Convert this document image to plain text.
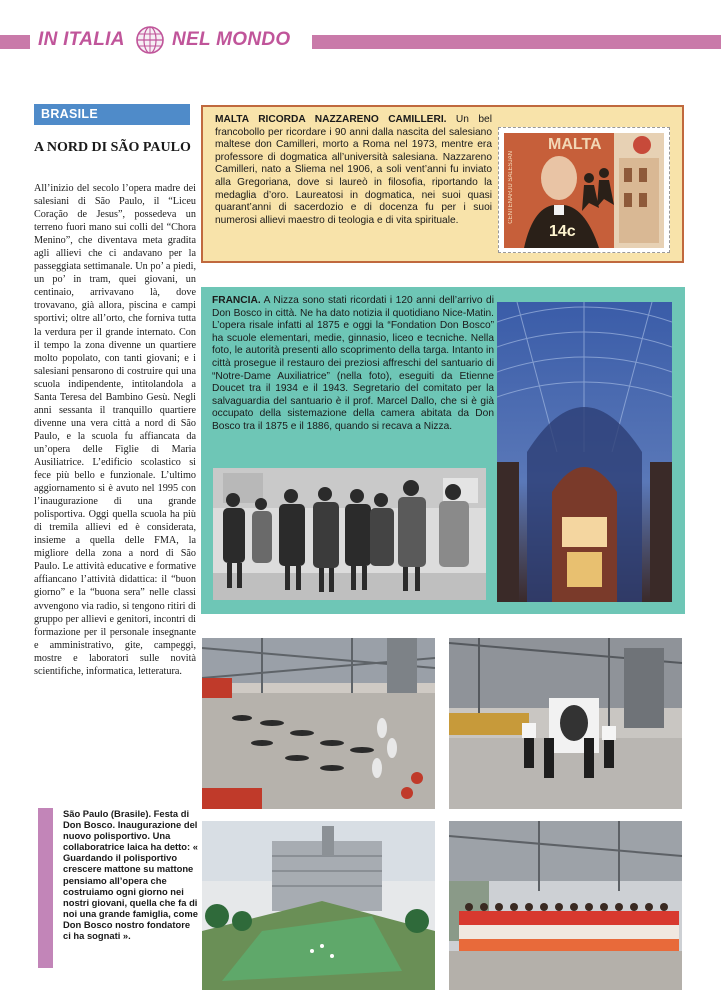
IN ITALIA NEL MONDO
BRASILE
A NORD DI SÃO PAULO
All’inizio del secolo l’opera madre dei salesiani di São Paulo, il “Liceu Coração de Jesus”, possedeva un terreno fuori mano sui colli del “Chora Menino”, che diventava meta gradita agli allievi che ci andavano per la passeggiata settimanale. Un po’ a piedi, un po’ in tram, quei giovani, un centinaio, arrivavano là, dove trovavano, già allora, piscina e campi sportivi; oltre all’orto, che forniva tutta la verdura per il grande internato. Con il tempo la zona divenne un quartiere molto popolato, con tanti giovani; e i salesiani pensarono di costruire qui una scuola indipendente, intitolandola a Santa Teresa del Bambino Gesù. Negli anni sessanta il tranquillo quartiere divenne una vera città a nord di São Paulo, e la scuola fu affiancata da un’opera delle Figlie di Maria Ausiliatrice. L’edificio scolastico si fece più bello e funzionale. L’ultimo aggiornamento si è avuto nel 1995 con l’inaugurazione di una grande polisportiva. Oggi quella scuola ha più di tremila allievi ed è considerata, insieme a quella delle FMA, la migliore della zona a nord di São Paulo. Le attività educative e formative affiancano l’attività didattica: il “buon giorno” e la “buona sera” nelle classi avvengono via radio, si tengono ritiri di gruppo per allievi e genitori, incontri di formazione per il personale insegnante e amministrativo, gite, campeggi, mostre e laboratori sulle novità scientifiche, informatica, letteratura.
São Paulo (Brasile). Festa di Don Bosco. Inaugurazione del nuovo polisportivo. Una collaboratrice laica ha detto: « Guardando il polisportivo crescere mattone su mattone pensiamo all’opera che costruiamo ogni giorno nei nostri giovani, quella che fa di noi una grande famiglia, come Don Bosco nostro fondatore ci ha sognati ».
MALTA RICORDA NAZZARENO CAMILLERI. Un bel francobollo per ricordare i 90 anni dalla nascita del salesiano maltese don Camilleri, morto a Roma nel 1973, mentre era professore di dogmatica all’università salesiana. Nazzareno Camilleri, nato a Sliema nel 1906, a soli vent’anni fu inviato alla Gregoriana, dove si laureò in filosofia, riportando la medaglia d’oro. Laureatosi in dogmatica, nei suoi quasi quarant’anni di sacerdozio e di docenza fu per i suoi numerosi allievi maestro di teologia e di vita spirituale.
MALTA
14c
CENTENARJU SALESJAN
FRANCIA. A Nizza sono stati ricordati i 120 anni dell’arrivo di Don Bosco in città. Ne ha dato notizia il quotidiano Nice-Matin. L’opera risale infatti al 1875 e oggi la “Fondation Don Bosco” ha scuole elementari, medie, ginnasio, liceo e tecniche. Nella foto, le autorità presenti allo scoprimento della targa. Intanto in città prosegue il restauro dei preziosi affreschi del santuario di “Notre-Dame Auxiliatrice” (nella foto), eseguiti da Etienne Doucet tra il 1934 e il 1943. Segretario del comitato per la salvaguardia del santuario è il prof. Marcel Dallo, che si è già occupato della sistemazione della camera abitata da Don Bosco tra il 1875 e il 1886, quando si recava a Nizza.
